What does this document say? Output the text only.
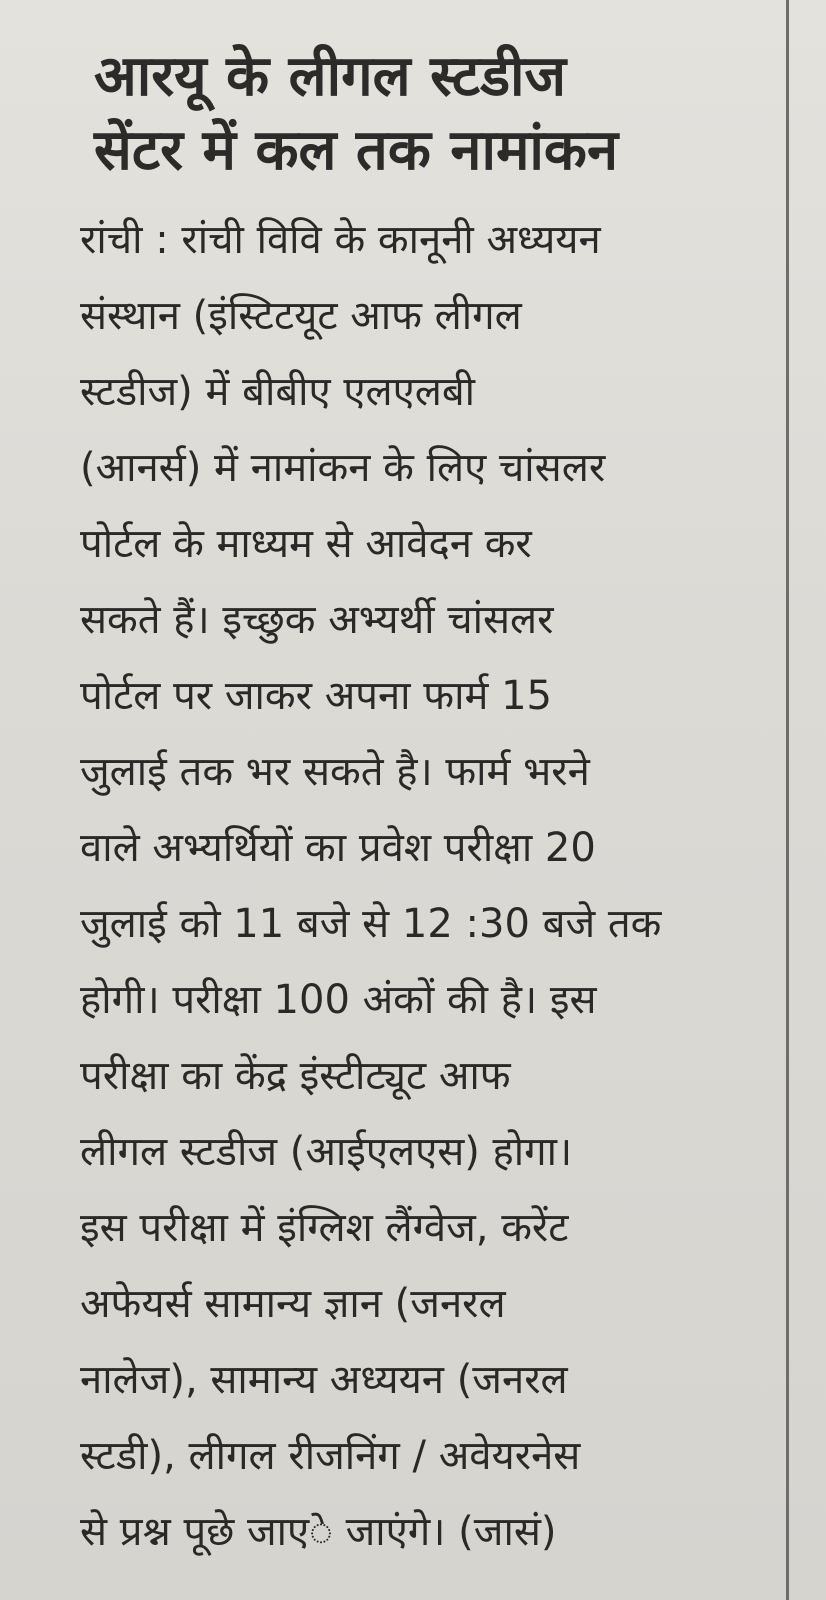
आरयू के लीगल स्टडीज
सेंटर में कल तक नामांकन
रांची : रांची विवि के कानूनी अध्ययन
संस्थान (इंस्टिटयूट आफ लीगल
स्टडीज) में बीबीए एलएलबी
(आनर्स) में नामांकन के लिए चांसलर
पोर्टल के माध्यम से आवेदन कर
सकते हैं। इच्छुक अभ्यर्थी चांसलर
पोर्टल पर जाकर अपना फार्म 15
जुलाई तक भर सकते है। फार्म भरने
वाले अभ्यर्थियों का प्रवेश परीक्षा 20
जुलाई को 11 बजे से 12 :30 बजे तक
होगी। परीक्षा 100 अंकों की है। इस
परीक्षा का केंद्र इंस्टीट्यूट आफ
लीगल स्टडीज (आईएलएस) होगा।
इस परीक्षा में इंग्लिश लैंग्वेज, करेंट
अफेयर्स सामान्य ज्ञान (जनरल
नालेज), सामान्य अध्ययन (जनरल
स्टडी), लीगल रीजनिंग / अवेयरनेस
से प्रश्न पूछे जाएे जाएंगे। (जासं)
